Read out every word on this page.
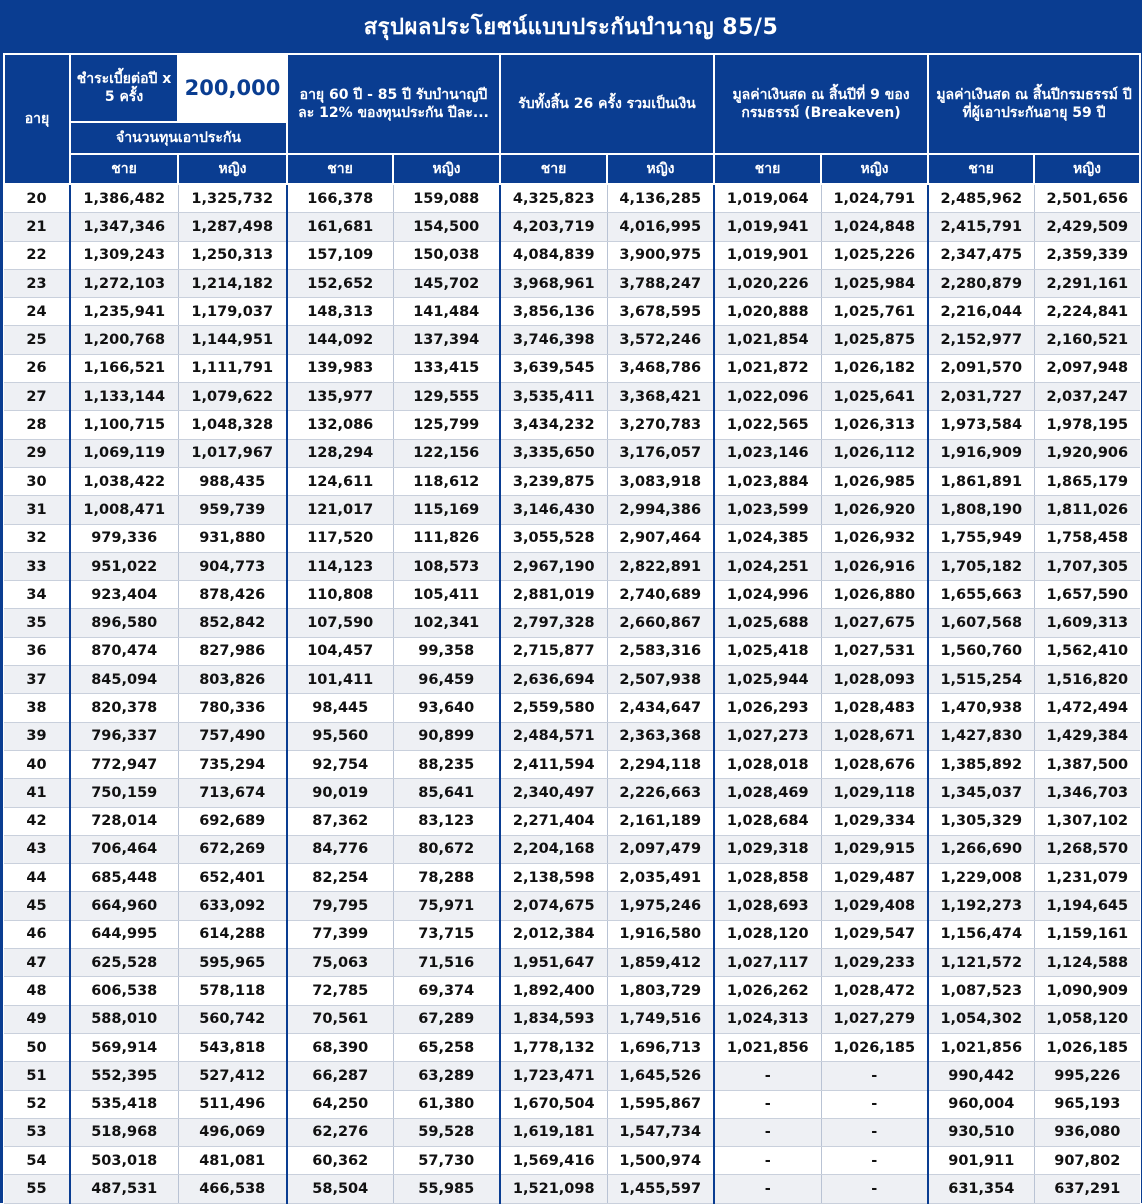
สรุปผลประโยชน์แบบประกันบำนาญ 85/5
อายุ	ชำระเบี้ยต่อปี x 5 ครั้ง	200,000	อายุ 60 ปี - 85 ปี รับบำนาญปีละ 12% ของทุนประกัน ปีละ...		รับทั้งสิ้น 26 ครั้ง รวมเป็นเงิน		มูลค่าเงินสด ณ สิ้นปีที่ 9 ของกรมธรรม์ (Breakeven)		มูลค่าเงินสด ณ สิ้นปีกรมธรรม์ ปีที่ผู้เอาประกันอายุ 59 ปี	
	จำนวนทุนเอาประกัน									
	ชาย	หญิง	ชาย	หญิง	ชาย	หญิง	ชาย	หญิง	ชาย	หญิง
20	1,386,482	1,325,732	166,378	159,088	4,325,823	4,136,285	1,019,064	1,024,791	2,485,962	2,501,656
21	1,347,346	1,287,498	161,681	154,500	4,203,719	4,016,995	1,019,941	1,024,848	2,415,791	2,429,509
22	1,309,243	1,250,313	157,109	150,038	4,084,839	3,900,975	1,019,901	1,025,226	2,347,475	2,359,339
23	1,272,103	1,214,182	152,652	145,702	3,968,961	3,788,247	1,020,226	1,025,984	2,280,879	2,291,161
24	1,235,941	1,179,037	148,313	141,484	3,856,136	3,678,595	1,020,888	1,025,761	2,216,044	2,224,841
25	1,200,768	1,144,951	144,092	137,394	3,746,398	3,572,246	1,021,854	1,025,875	2,152,977	2,160,521
26	1,166,521	1,111,791	139,983	133,415	3,639,545	3,468,786	1,021,872	1,026,182	2,091,570	2,097,948
27	1,133,144	1,079,622	135,977	129,555	3,535,411	3,368,421	1,022,096	1,025,641	2,031,727	2,037,247
28	1,100,715	1,048,328	132,086	125,799	3,434,232	3,270,783	1,022,565	1,026,313	1,973,584	1,978,195
29	1,069,119	1,017,967	128,294	122,156	3,335,650	3,176,057	1,023,146	1,026,112	1,916,909	1,920,906
30	1,038,422	988,435	124,611	118,612	3,239,875	3,083,918	1,023,884	1,026,985	1,861,891	1,865,179
31	1,008,471	959,739	121,017	115,169	3,146,430	2,994,386	1,023,599	1,026,920	1,808,190	1,811,026
32	979,336	931,880	117,520	111,826	3,055,528	2,907,464	1,024,385	1,026,932	1,755,949	1,758,458
33	951,022	904,773	114,123	108,573	2,967,190	2,822,891	1,024,251	1,026,916	1,705,182	1,707,305
34	923,404	878,426	110,808	105,411	2,881,019	2,740,689	1,024,996	1,026,880	1,655,663	1,657,590
35	896,580	852,842	107,590	102,341	2,797,328	2,660,867	1,025,688	1,027,675	1,607,568	1,609,313
36	870,474	827,986	104,457	99,358	2,715,877	2,583,316	1,025,418	1,027,531	1,560,760	1,562,410
37	845,094	803,826	101,411	96,459	2,636,694	2,507,938	1,025,944	1,028,093	1,515,254	1,516,820
38	820,378	780,336	98,445	93,640	2,559,580	2,434,647	1,026,293	1,028,483	1,470,938	1,472,494
39	796,337	757,490	95,560	90,899	2,484,571	2,363,368	1,027,273	1,028,671	1,427,830	1,429,384
40	772,947	735,294	92,754	88,235	2,411,594	2,294,118	1,028,018	1,028,676	1,385,892	1,387,500
41	750,159	713,674	90,019	85,641	2,340,497	2,226,663	1,028,469	1,029,118	1,345,037	1,346,703
42	728,014	692,689	87,362	83,123	2,271,404	2,161,189	1,028,684	1,029,334	1,305,329	1,307,102
43	706,464	672,269	84,776	80,672	2,204,168	2,097,479	1,029,318	1,029,915	1,266,690	1,268,570
44	685,448	652,401	82,254	78,288	2,138,598	2,035,491	1,028,858	1,029,487	1,229,008	1,231,079
45	664,960	633,092	79,795	75,971	2,074,675	1,975,246	1,028,693	1,029,408	1,192,273	1,194,645
46	644,995	614,288	77,399	73,715	2,012,384	1,916,580	1,028,120	1,029,547	1,156,474	1,159,161
47	625,528	595,965	75,063	71,516	1,951,647	1,859,412	1,027,117	1,029,233	1,121,572	1,124,588
48	606,538	578,118	72,785	69,374	1,892,400	1,803,729	1,026,262	1,028,472	1,087,523	1,090,909
49	588,010	560,742	70,561	67,289	1,834,593	1,749,516	1,024,313	1,027,279	1,054,302	1,058,120
50	569,914	543,818	68,390	65,258	1,778,132	1,696,713	1,021,856	1,026,185	1,021,856	1,026,185
51	552,395	527,412	66,287	63,289	1,723,471	1,645,526	-	-	990,442	995,226
52	535,418	511,496	64,250	61,380	1,670,504	1,595,867	-	-	960,004	965,193
53	518,968	496,069	62,276	59,528	1,619,181	1,547,734	-	-	930,510	936,080
54	503,018	481,081	60,362	57,730	1,569,416	1,500,974	-	-	901,911	907,802
55	487,531	466,538	58,504	55,985	1,521,098	1,455,597	-	-	631,354	637,291
